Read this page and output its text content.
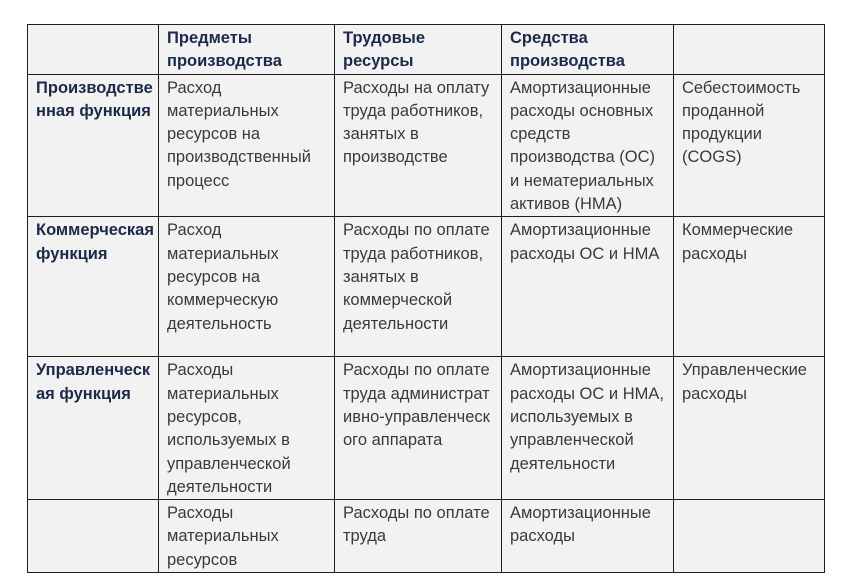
	Предметы производства	Трудовые ресурсы	Средства производства	
Производственная функция	Расход материальных ресурсов на производственный процесс	Расходы на оплату труда работников, занятых в производстве	Амортизационные расходы основных средств производства (ОС) и нематериальных активов (НМА)	Себестоимость проданной продукции (COGS)
Коммерческая функция	Расход материальных ресурсов на коммерческую деятельность	Расходы по оплате труда работников, занятых в коммерческой деятельности	Амортизационные расходы ОС и НМА	Коммерческие расходы
Управленческая функция	Расходы материальных ресурсов, используемых в управленческой деятельности	Расходы по оплате труда административно-управленческого аппарата	Амортизационные расходы ОС и НМА, используемых в управленческой деятельности	Управленческие расходы
	Расходы материальных ресурсов	Расходы по оплате труда	Амортизационные расходы	
